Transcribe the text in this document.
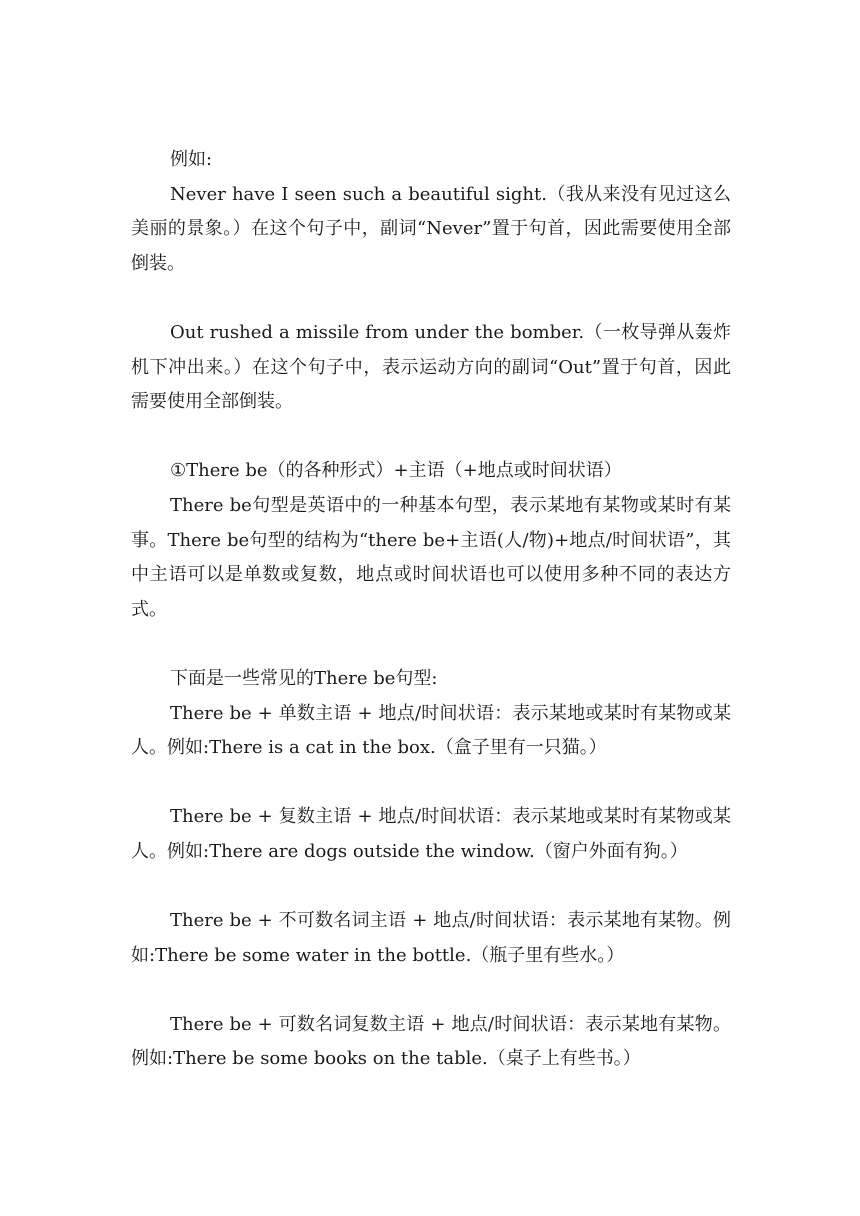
例如:

Never have I seen such a beautiful sight.（我从来没有见过这么美丽的景象。）在这个句子中，副词“Never”置于句首，因此需要使用全部倒装。

Out rushed a missile from under the bomber.（一枚导弹从轰炸机下冲出来。）在这个句子中，表示运动方向的副词“Out”置于句首，因此需要使用全部倒装。

①There be（的各种形式）+主语（+地点或时间状语）

There be句型是英语中的一种基本句型，表示某地有某物或某时有某事。There be句型的结构为“there be+主语(人/物)+地点/时间状语”，其中主语可以是单数或复数，地点或时间状语也可以使用多种不同的表达方式。

下面是一些常见的There be句型:

There be + 单数主语 + 地点/时间状语：表示某地或某时有某物或某人。例如:There is a cat in the box.（盒子里有一只猫。）

There be + 复数主语 + 地点/时间状语：表示某地或某时有某物或某人。例如:There are dogs outside the window.（窗户外面有狗。）

There be + 不可数名词主语 + 地点/时间状语：表示某地有某物。例如:There be some water in the bottle.（瓶子里有些水。）

There be + 可数名词复数主语 + 地点/时间状语：表示某地有某物。例如:There be some books on the table.（桌子上有些书。）
